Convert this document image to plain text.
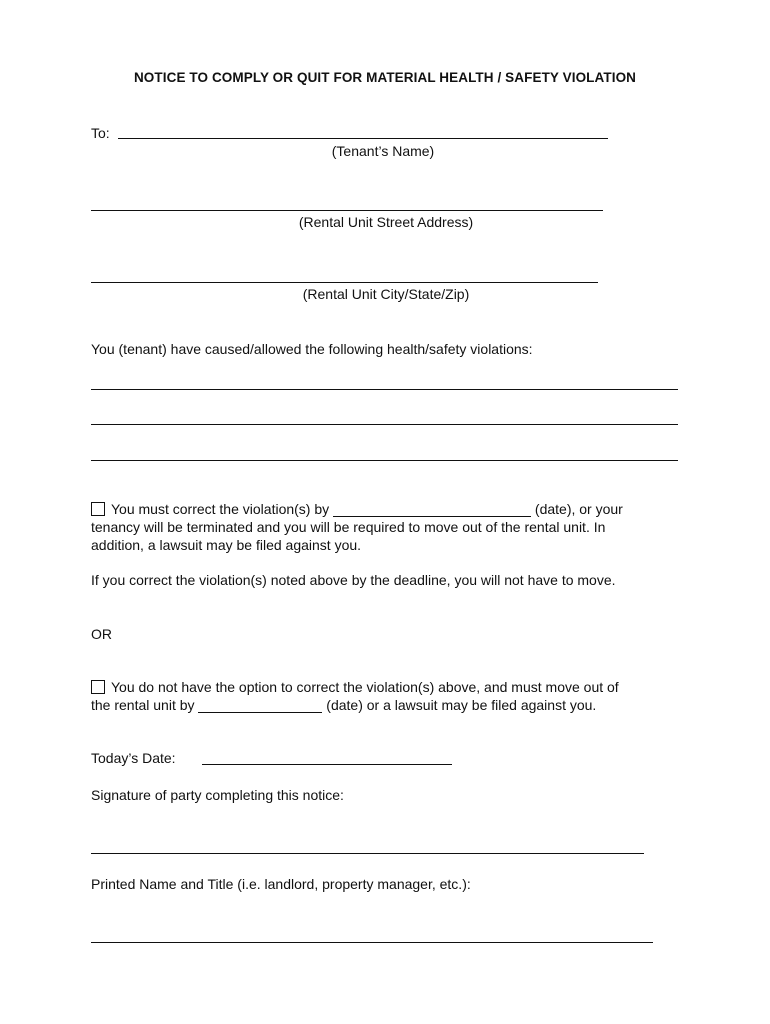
NOTICE TO COMPLY OR QUIT FOR MATERIAL HEALTH / SAFETY VIOLATION
To:
(Tenant’s Name)
(Rental Unit Street Address)
(Rental Unit City/State/Zip)
You (tenant) have caused/allowed the following health/safety violations:
You must correct the violation(s) by	(date), or your
tenancy will be terminated and you will be required to move out of the rental unit. In
addition, a lawsuit may be filed against you.
If you correct the violation(s) noted above by the deadline, you will not have to move.
OR
You do not have the option to correct the violation(s) above, and must move out of
the rental unit by	(date) or a lawsuit may be filed against you.
Today’s Date:
Signature of party completing this notice:
Printed Name and Title (i.e. landlord, property manager, etc.):
